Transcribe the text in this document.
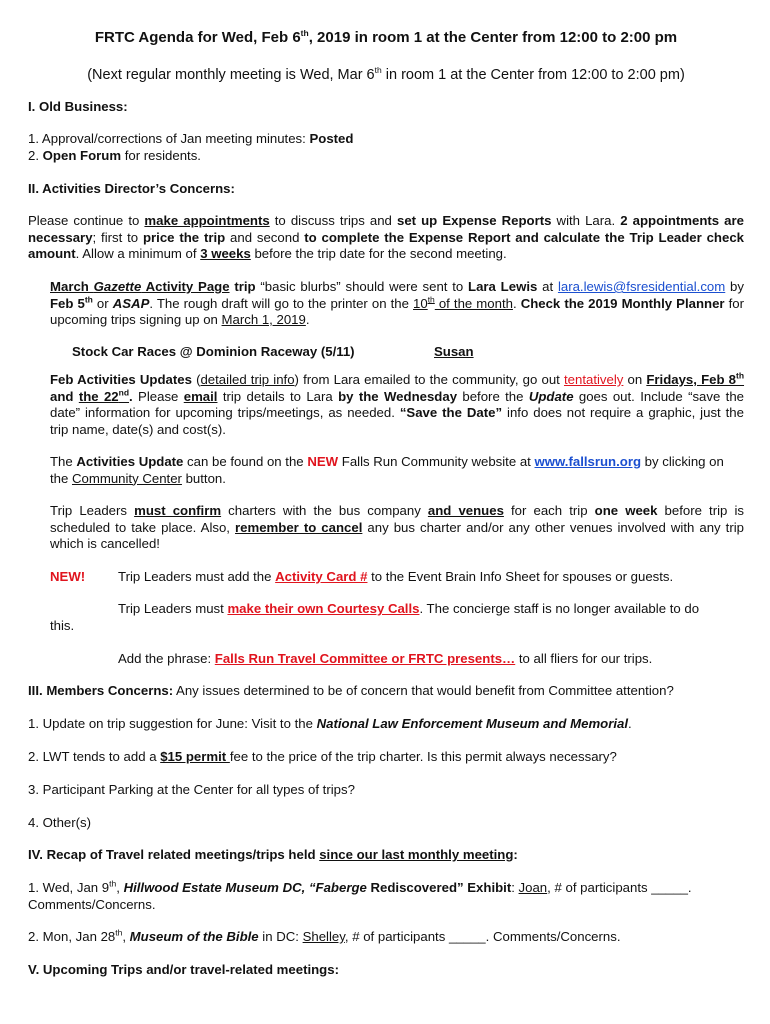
FRTC Agenda for Wed, Feb 6th, 2019 in room 1 at the Center from 12:00 to 2:00 pm

(Next regular monthly meeting is Wed, Mar 6th in room 1 at the Center from 12:00 to 2:00 pm)

I. Old Business:

1. Approval/corrections of Jan meeting minutes: Posted

2. Open Forum for residents.

II. Activities Director’s Concerns:

Please continue to make appointments to discuss trips and set up Expense Reports with Lara. 2 appointments are necessary; first to price the trip and second to complete the Expense Report and calculate the Trip Leader check amount. Allow a minimum of 3 weeks before the trip date for the second meeting.

March Gazette Activity Page trip “basic blurbs” should were sent to Lara Lewis at lara.lewis@fsresidential.com by Feb 5th or ASAP. The rough draft will go to the printer on the 10th of the month. Check the 2019 Monthly Planner for upcoming trips signing up on March 1, 2019.

Stock Car Races @ Dominion Raceway (5/11)	Susan

Feb Activities Updates (detailed trip info) from Lara emailed to the community, go out tentatively on Fridays, Feb 8th and the 22nd. Please email trip details to Lara by the Wednesday before the Update goes out. Include “save the date” information for upcoming trips/meetings, as needed. “Save the Date” info does not require a graphic, just the trip name, date(s) and cost(s).

The Activities Update can be found on the NEW Falls Run Community website at www.fallsrun.org by clicking on the Community Center button.

Trip Leaders must confirm charters with the bus company and venues for each trip one week before trip is scheduled to take place. Also, remember to cancel any bus charter and/or any other venues involved with any trip which is cancelled!

NEW!	Trip Leaders must add the Activity Card # to the Event Brain Info Sheet for spouses or guests.

Trip Leaders must make their own Courtesy Calls. The concierge staff is no longer available to do

this.

Add the phrase: Falls Run Travel Committee or FRTC presents… to all fliers for our trips.

III. Members Concerns: Any issues determined to be of concern that would benefit from Committee attention?

1. Update on trip suggestion for June: Visit to the National Law Enforcement Museum and Memorial.

2. LWT tends to add a $15 permit fee to the price of the trip charter. Is this permit always necessary?

3. Participant Parking at the Center for all types of trips?

4. Other(s)

IV. Recap of Travel related meetings/trips held since our last monthly meeting:

1. Wed, Jan 9th, Hillwood Estate Museum DC, “Faberge Rediscovered” Exhibit: Joan, # of participants _____. Comments/Concerns.

2. Mon, Jan 28th, Museum of the Bible in DC: Shelley, # of participants _____. Comments/Concerns.

V. Upcoming Trips and/or travel-related meetings:
